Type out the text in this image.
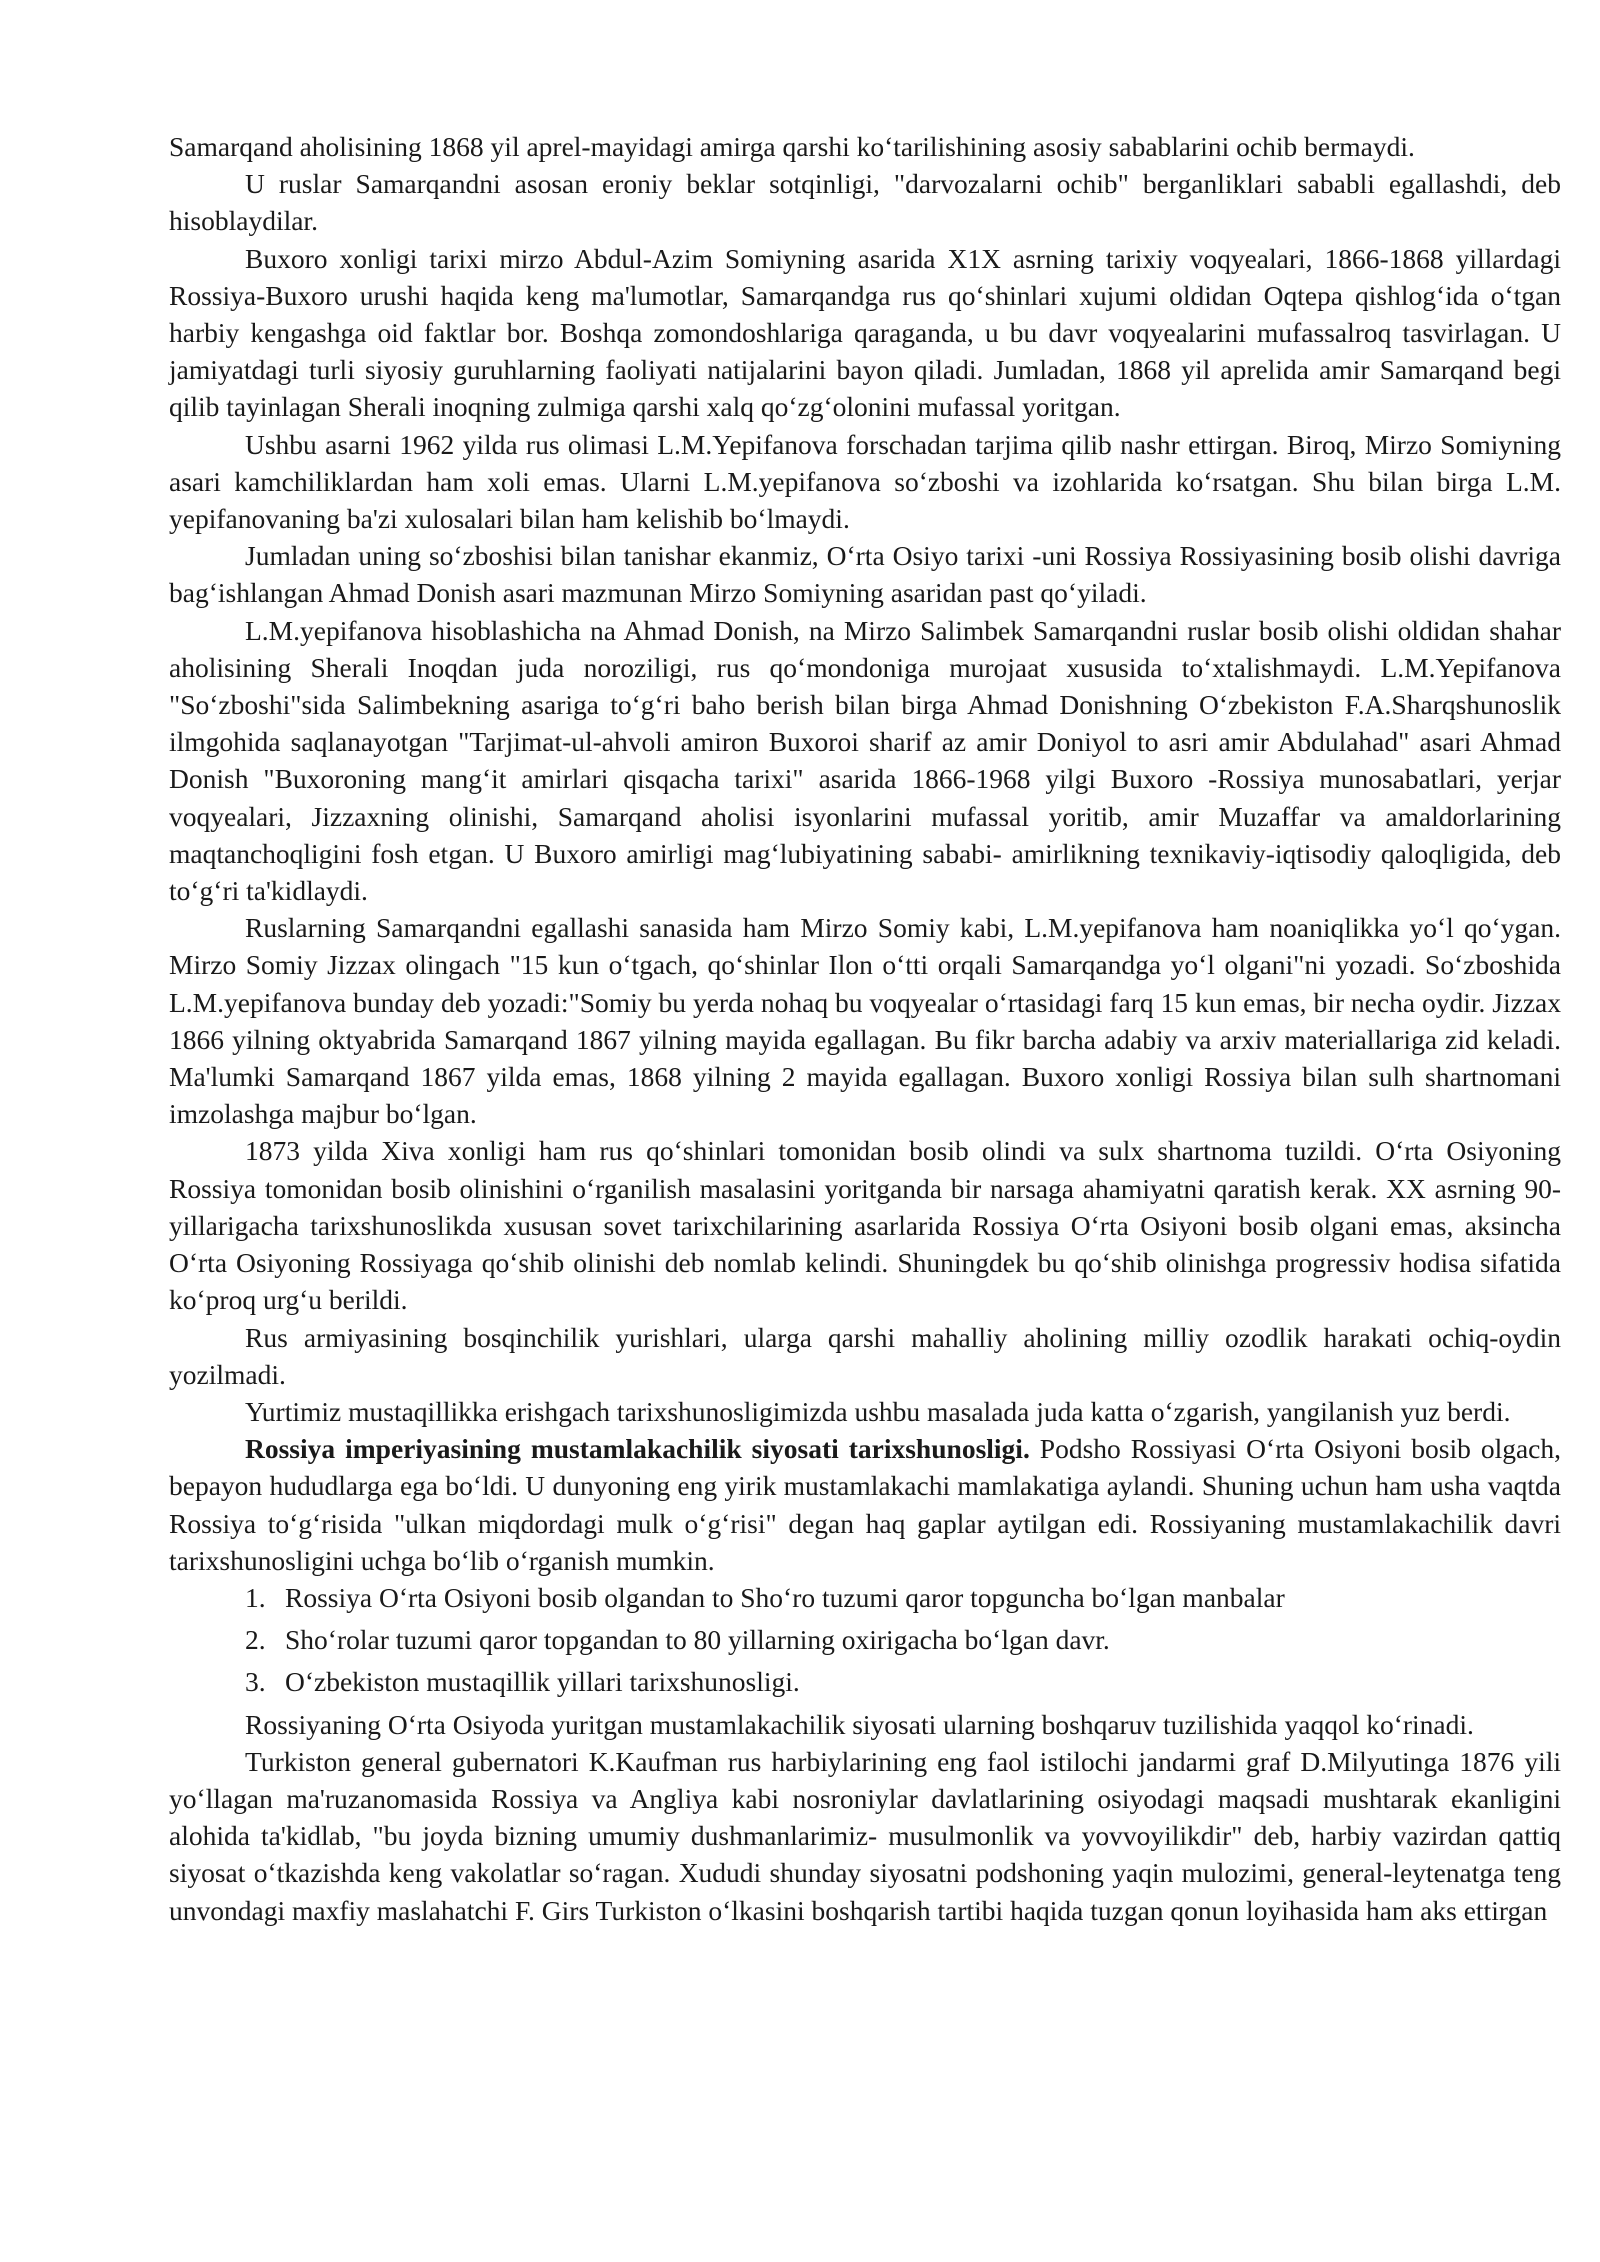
Samarqand aholisining 1868 yil aprel-mayidagi amirga qarshi ko‘tarilishining asosiy sabablarini ochib bermaydi.

U ruslar Samarqandni asosan eroniy beklar sotqinligi, "darvozalarni ochib" berganliklari sababli egallashdi, deb hisoblaydilar.

Buxoro xonligi tarixi mirzo Abdul-Azim Somiyning asarida X1X asrning tarixiy voqyealari, 1866-1868 yillardagi Rossiya-Buxoro urushi haqida keng ma'lumotlar, Samarqandga rus qo‘shinlari xujumi oldidan Oqtepa qishlog‘ida o‘tgan harbiy kengashga oid faktlar bor. Boshqa zomondoshlariga qaraganda, u bu davr voqyealarini mufassalroq tasvirlagan. U jamiyatdagi turli siyosiy guruhlarning faoliyati natijalarini bayon qiladi. Jumladan, 1868 yil aprelida amir Samarqand begi qilib tayinlagan Sherali inoqning zulmiga qarshi xalq qo‘zg‘olonini mufassal yoritgan.

Ushbu asarni 1962 yilda rus olimasi L.M.Yepifanova forschadan tarjima qilib nashr ettirgan. Biroq, Mirzo Somiyning asari kamchiliklardan ham xoli emas. Ularni L.M.yepifanova so‘zboshi va izohlarida ko‘rsatgan. Shu bilan birga L.M. yepifanovaning ba'zi xulosalari bilan ham kelishib bo‘lmaydi.

Jumladan uning so‘zboshisi bilan tanishar ekanmiz, O‘rta Osiyo tarixi -uni Rossiya Rossiyasining bosib olishi davriga bag‘ishlangan Ahmad Donish asari mazmunan Mirzo Somiyning asaridan past qo‘yiladi.

L.M.yepifanova hisoblashicha na Ahmad Donish, na Mirzo Salimbek Samarqandni ruslar bosib olishi oldidan shahar aholisining Sherali Inoqdan juda noroziligi, rus qo‘mondoniga murojaat xususida to‘xtalishmaydi. L.M.Yepifanova "So‘zboshi"sida Salimbekning asariga to‘g‘ri baho berish bilan birga Ahmad Donishning O‘zbekiston F.A.Sharqshunoslik ilmgohida saqlanayotgan "Tarjimat-ul-ahvoli amiron Buxoroi sharif az amir Doniyol to asri amir Abdulahad" asari Ahmad Donish "Buxoroning mang‘it amirlari qisqacha tarixi" asarida 1866-1968 yilgi Buxoro -Rossiya munosabatlari, yerjar voqyealari, Jizzaxning olinishi, Samarqand aholisi isyonlarini mufassal yoritib, amir Muzaffar va amaldorlarining maqtanchoqligini fosh etgan. U Buxoro amirligi mag‘lubiyatining sababi- amirlikning texnikaviy-iqtisodiy qaloqligida, deb to‘g‘ri ta'kidlaydi.

Ruslarning Samarqandni egallashi sanasida ham Mirzo Somiy kabi, L.M.yepifanova ham noaniqlikka yo‘l qo‘ygan. Mirzo Somiy Jizzax olingach "15 kun o‘tgach, qo‘shinlar Ilon o‘tti orqali Samarqandga yo‘l olgani"ni yozadi. So‘zboshida L.M.yepifanova bunday deb yozadi:"Somiy bu yerda nohaq bu voqyealar o‘rtasidagi farq 15 kun emas, bir necha oydir. Jizzax 1866 yilning oktyabrida Samarqand 1867 yilning mayida egallagan. Bu fikr barcha adabiy va arxiv materiallariga zid keladi. Ma'lumki Samarqand 1867 yilda emas, 1868 yilning 2 mayida egallagan. Buxoro xonligi Rossiya bilan sulh shartnomani imzolashga majbur bo‘lgan.

1873 yilda Xiva xonligi ham rus qo‘shinlari tomonidan bosib olindi va sulx shartnoma tuzildi. O‘rta Osiyoning Rossiya tomonidan bosib olinishini o‘rganilish masalasini yoritganda bir narsaga ahamiyatni qaratish kerak. XX asrning 90- yillarigacha tarixshunoslikda xususan sovet tarixchilarining asarlarida Rossiya O‘rta Osiyoni bosib olgani emas, aksincha O‘rta Osiyoning Rossiyaga qo‘shib olinishi deb nomlab kelindi. Shuningdek bu qo‘shib olinishga progressiv hodisa sifatida ko‘proq urg‘u berildi.

Rus armiyasining bosqinchilik yurishlari, ularga qarshi mahalliy aholining milliy ozodlik harakati ochiq-oydin yozilmadi.

Yurtimiz mustaqillikka erishgach tarixshunosligimizda ushbu masalada juda katta o‘zgarish, yangilanish yuz berdi.

Rossiya imperiyasining mustamlakachilik siyosati tarixshunosligi. Podsho Rossiyasi O‘rta Osiyoni bosib olgach, bepayon hududlarga ega bo‘ldi. U dunyoning eng yirik mustamlakachi mamlakatiga aylandi. Shuning uchun ham usha vaqtda Rossiya to‘g‘risida "ulkan miqdordagi mulk o‘g‘risi" degan haq gaplar aytilgan edi. Rossiyaning mustamlakachilik davri tarixshunosligini uchga bo‘lib o‘rganish mumkin.

1. Rossiya O‘rta Osiyoni bosib olgandan to Sho‘ro tuzumi qaror topguncha bo‘lgan manbalar
2. Sho‘rolar tuzumi qaror topgandan to 80 yillarning oxirigacha bo‘lgan davr.
3. O‘zbekiston mustaqillik yillari tarixshunosligi.

Rossiyaning O‘rta Osiyoda yuritgan mustamlakachilik siyosati ularning boshqaruv tuzilishida yaqqol ko‘rinadi.

Turkiston general gubernatori K.Kaufman rus harbiylarining eng faol istilochi jandarmi graf D.Milyutinga 1876 yili yo‘llagan ma'ruzanomasida Rossiya va Angliya kabi nosroniylar davlatlarining osiyodagi maqsadi mushtarak ekanligini alohida ta'kidlab, "bu joyda bizning umumiy dushmanlarimiz- musulmonlik va yovvoyilikdir" deb, harbiy vazirdan qattiq siyosat o‘tkazishda keng vakolatlar so‘ragan. Xududi shunday siyosatni podshoning yaqin mulozimi, general-leytenatga teng unvondagi maxfiy maslahatchi F. Girs Turkiston o‘lkasini boshqarish tartibi haqida tuzgan qonun loyihasida ham aks ettirgan
